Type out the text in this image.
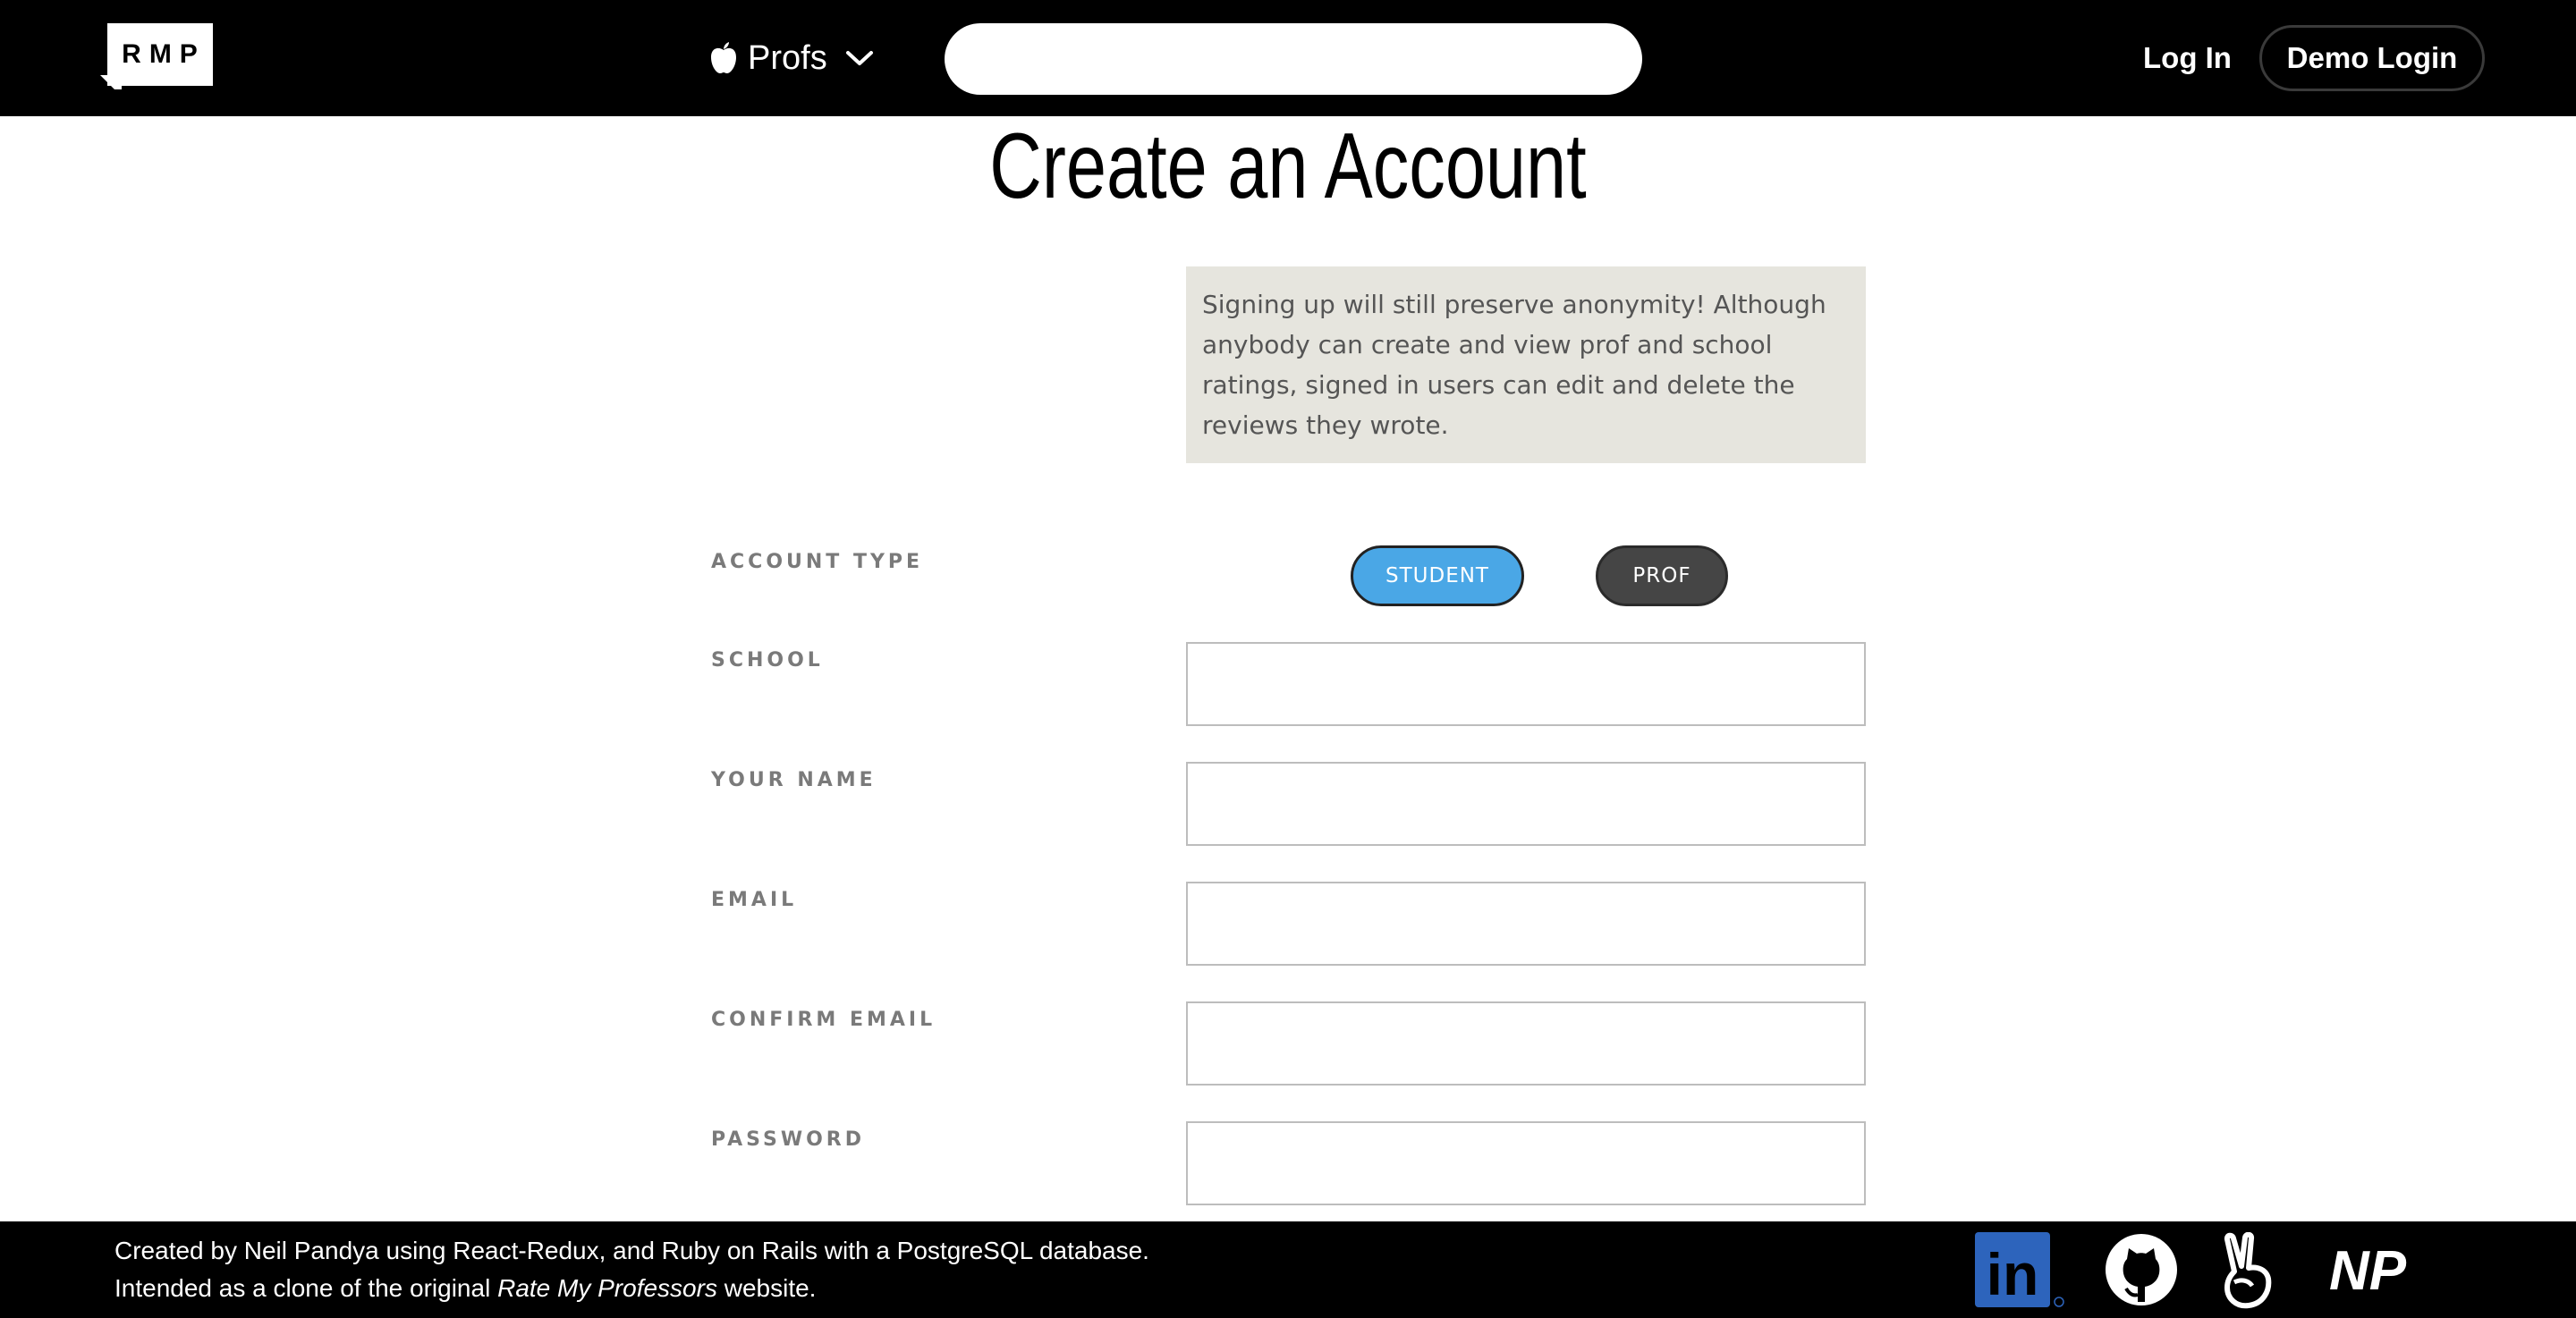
RMP	Profs	Log In	Demo Login
Create an Account
Signing up will still preserve anonymity! Although anybody can create and view prof and school ratings, signed in users can edit and delete the reviews they wrote.
ACCOUNT TYPE
STUDENT	PROF
SCHOOL
YOUR NAME
EMAIL
CONFIRM EMAIL
PASSWORD
Created by Neil Pandya using React-Redux, and Ruby on Rails with a PostgreSQL database.
Intended as a clone of the original Rate My Professors website.	in	NP
